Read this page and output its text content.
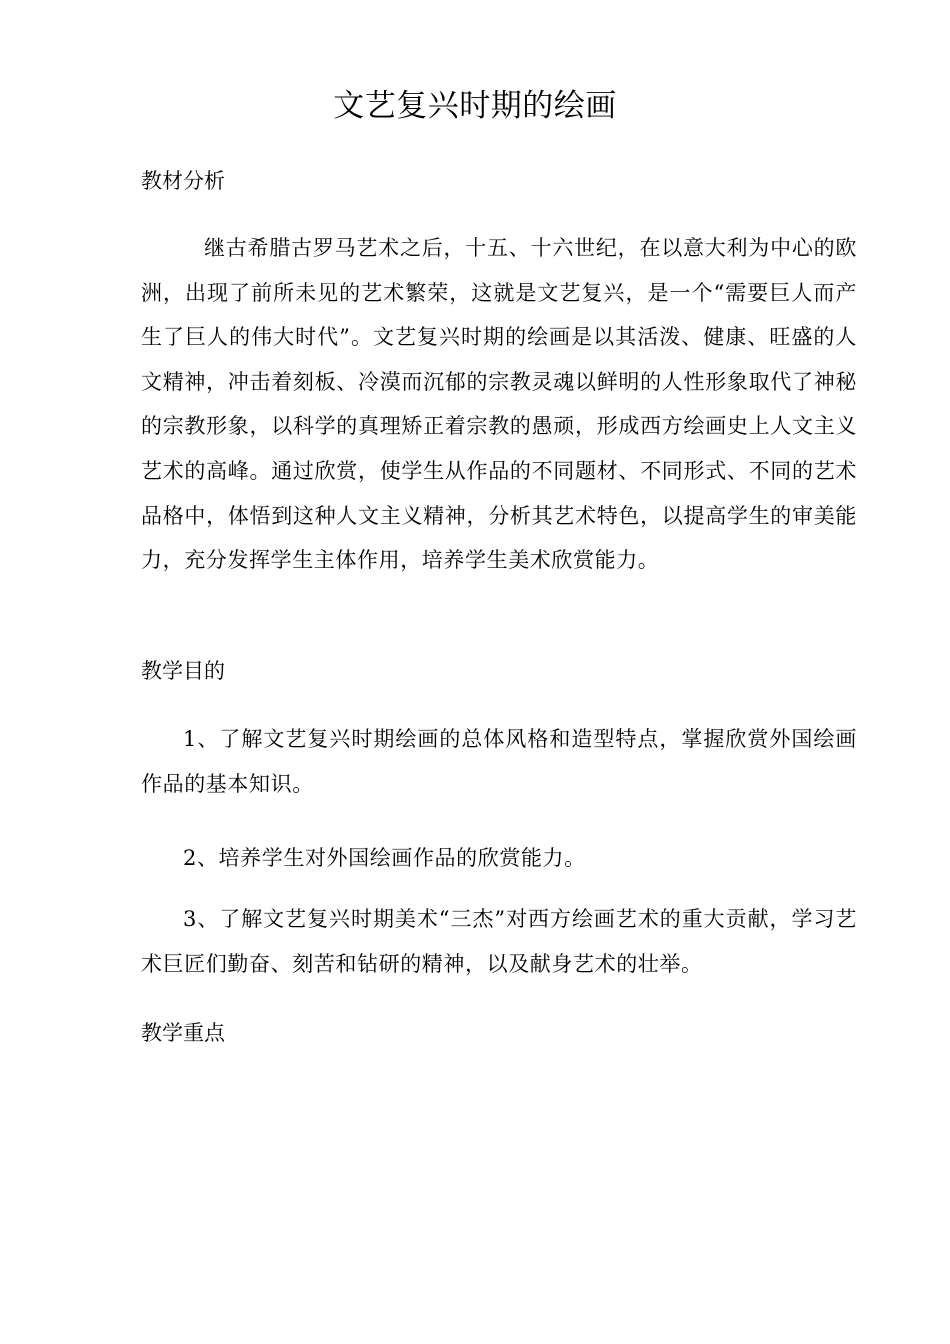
文艺复兴时期的绘画
教材分析

继古希腊古罗马艺术之后，十五、十六世纪，在以意大利为中心的欧洲，出现了前所未见的艺术繁荣，这就是文艺复兴，是一个“需要巨人而产生了巨人的伟大时代”。文艺复兴时期的绘画是以其活泼、健康、旺盛的人文精神，冲击着刻板、冷漠而沉郁的宗教灵魂以鲜明的人性形象取代了神秘的宗教形象，以科学的真理矫正着宗教的愚顽，形成西方绘画史上人文主义艺术的高峰。通过欣赏，使学生从作品的不同题材、不同形式、不同的艺术品格中，体悟到这种人文主义精神，分析其艺术特色，以提高学生的审美能力，充分发挥学生主体作用，培养学生美术欣赏能力。

教学目的

1、了解文艺复兴时期绘画的总体风格和造型特点，掌握欣赏外国绘画作品的基本知识。

2、培养学生对外国绘画作品的欣赏能力。

3、了解文艺复兴时期美术“三杰”对西方绘画艺术的重大贡献，学习艺术巨匠们勤奋、刻苦和钻研的精神，以及献身艺术的壮举。

教学重点
